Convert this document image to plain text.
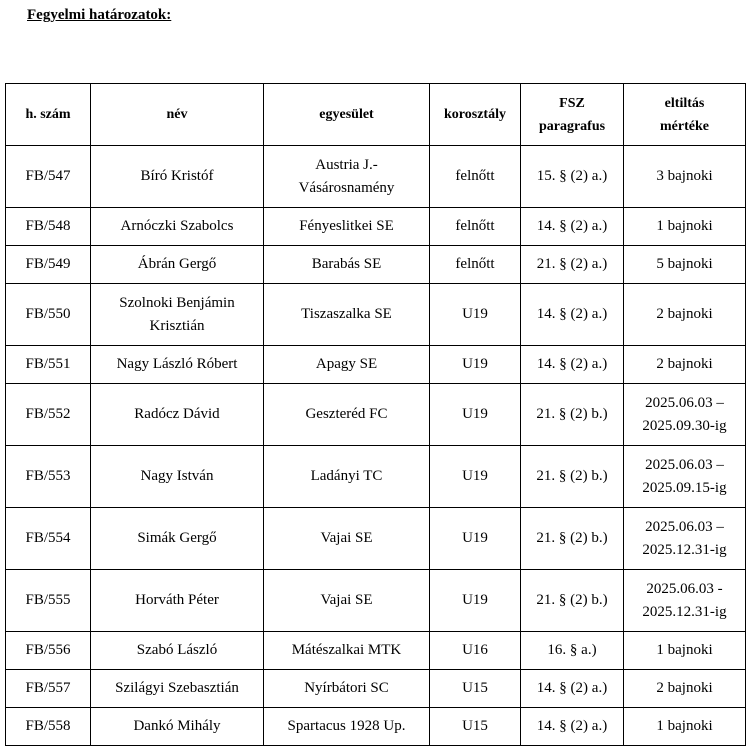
Fegyelmi határozatok:

h. szám	név	egyesület	korosztály	FSZ
paragrafus	eltiltás
mértéke
FB/547	Bíró Kristóf	Austria J.-
Vásárosnamény	felnőtt	15. § (2) a.)	3 bajnoki
FB/548	Arnóczki Szabolcs	Fényeslitkei SE	felnőtt	14. § (2) a.)	1 bajnoki
FB/549	Ábrán Gergő	Barabás SE	felnőtt	21. § (2) a.)	5 bajnoki
FB/550	Szolnoki Benjámin
Krisztián	Tiszaszalka SE	U19	14. § (2) a.)	2 bajnoki
FB/551	Nagy László Róbert	Apagy SE	U19	14. § (2) a.)	2 bajnoki
FB/552	Radócz Dávid	Geszteréd FC	U19	21. § (2) b.)	2025.06.03 –
2025.09.30-ig
FB/553	Nagy István	Ladányi TC	U19	21. § (2) b.)	2025.06.03 –
2025.09.15-ig
FB/554	Simák Gergő	Vajai SE	U19	21. § (2) b.)	2025.06.03 –
2025.12.31-ig
FB/555	Horváth Péter	Vajai SE	U19	21. § (2) b.)	2025.06.03 -
2025.12.31-ig
FB/556	Szabó László	Mátészalkai MTK	U16	16. § a.)	1 bajnoki
FB/557	Szilágyi Szebasztián	Nyírbátori SC	U15	14. § (2) a.)	2 bajnoki
FB/558	Dankó Mihály	Spartacus 1928 Up.	U15	14. § (2) a.)	1 bajnoki
